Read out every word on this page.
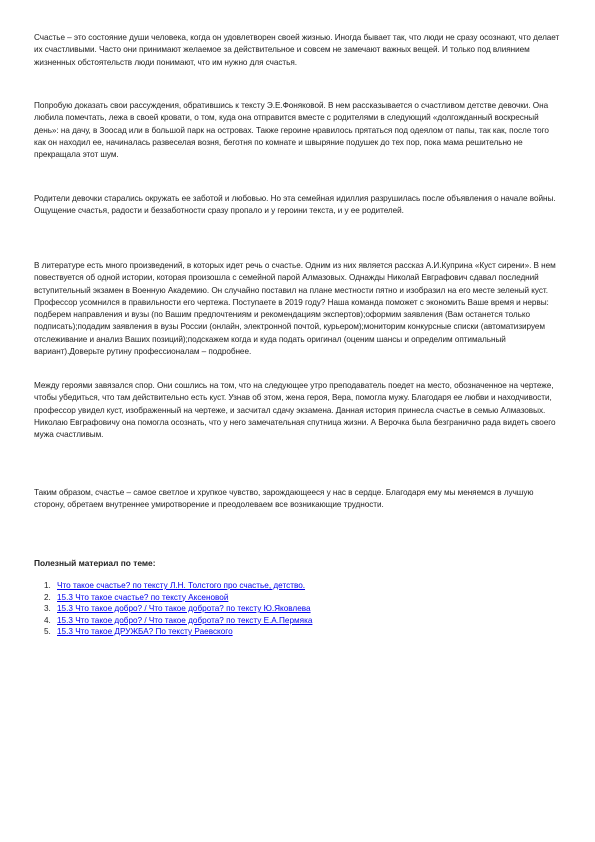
Счастье – это состояние души человека, когда он удовлетворен своей жизнью. Иногда бывает так, что люди не сразу осознают, что делает их счастливыми. Часто они принимают желаемое за действительное и совсем не замечают важных вещей. И только под влиянием жизненных обстоятельств люди понимают, что им нужно для счастья.

Попробую доказать свои рассуждения, обратившись к тексту Э.Е.Фоняковой. В нем рассказывается о счастливом детстве девочки. Она любила помечтать, лежа в своей кровати, о том, куда она отправится вместе с родителями в следующий «долгожданный воскресный день»: на дачу, в Зоосад или в большой парк на островах. Также героине нравилось прятаться под одеялом от папы, так как, после того как он находил ее, начиналась развеселая возня, беготня по комнате и швыряние подушек до тех пор, пока мама решительно не прекращала этот шум.

Родители девочки старались окружать ее заботой и любовью. Но эта семейная идиллия разрушилась после объявления о начале войны. Ощущение счастья, радости и беззаботности сразу пропало и у героини текста, и у ее родителей.

В литературе есть много произведений, в которых идет речь о счастье. Одним из них является рассказ А.И.Куприна «Куст сирени». В нем повествуется об одной истории, которая произошла с семейной парой Алмазовых. Однажды Николай Евграфович сдавал последний вступительный экзамен в Военную Академию. Он случайно поставил на плане местности пятно и изобразил на его месте зеленый куст. Профессор усомнился в правильности его чертежа. Поступаете в 2019 году? Наша команда поможет с экономить Ваше время и нервы: подберем направления и вузы (по Вашим предпочтениям и рекомендациям экспертов);оформим заявления (Вам останется только подписать);подадим заявления в вузы России (онлайн, электронной почтой, курьером);мониторим конкурсные списки (автоматизируем отслеживание и анализ Ваших позиций);подскажем когда и куда подать оригинал (оценим шансы и определим оптимальный вариант).Доверьте рутину профессионалам – подробнее.

Между героями завязался спор. Они сошлись на том, что на следующее утро преподаватель поедет на место, обозначенное на чертеже, чтобы убедиться, что там действительно есть куст. Узнав об этом, жена героя, Вера, помогла мужу. Благодаря ее любви и находчивости, профессор увидел куст, изображенный на чертеже, и засчитал сдачу экзамена. Данная история принесла счастье в семью Алмазовых. Николаю Евграфовичу она помогла осознать, что у него замечательная спутница жизни. А Верочка была безгранично рада видеть своего мужа счастливым.

Таким образом, счастье – самое светлое и хрупкое чувство, зарождающееся у нас в сердце. Благодаря ему мы меняемся в лучшую сторону, обретаем внутреннее умиротворение и преодолеваем все возникающие трудности.

Полезный материал по теме:

1. Что такое счастье? по тексту Л.Н. Толстого про счастье, детство.
2. 15.3 Что такое счастье? по тексту Аксеновой
3. 15.3 Что такое добро? / Что такое доброта? по тексту Ю.Яковлева
4. 15.3 Что такое добро? / Что такое доброта? по тексту Е.А.Пермяка
5. 15.3 Что такое ДРУЖБА? По тексту Раевского
